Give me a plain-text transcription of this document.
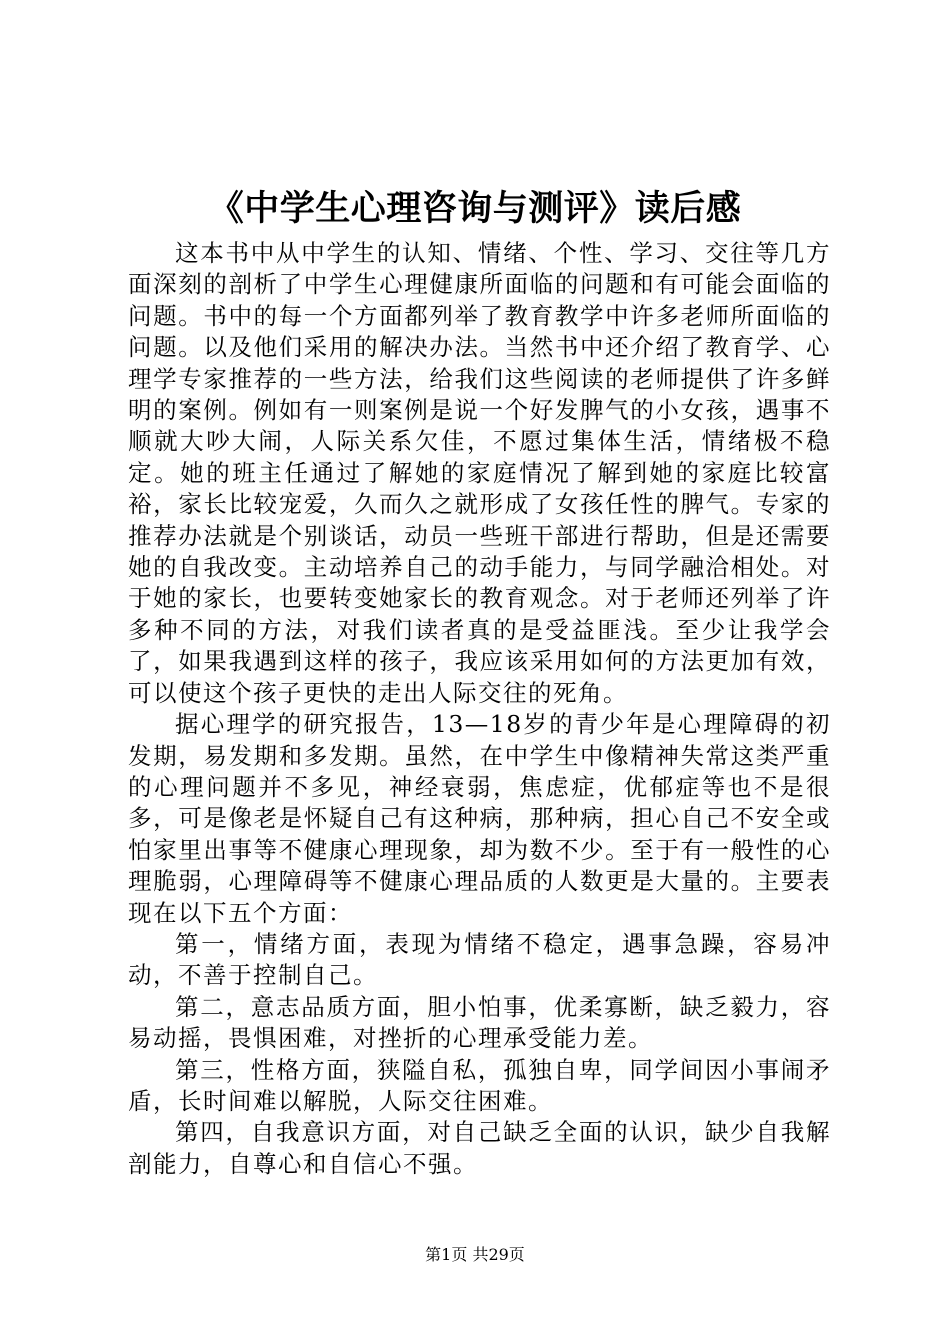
《中学生心理咨询与测评》读后感

这本书中从中学生的认知、情绪、个性、学习、交往等几方面深刻的剖析了中学生心理健康所面临的问题和有可能会面临的问题。书中的每一个方面都列举了教育教学中许多老师所面临的问题。以及他们采用的解决办法。当然书中还介绍了教育学、心理学专家推荐的一些方法，给我们这些阅读的老师提供了许多鲜明的案例。例如有一则案例是说一个好发脾气的小女孩，遇事不顺就大吵大闹，人际关系欠佳，不愿过集体生活，情绪极不稳定。她的班主任通过了解她的家庭情况了解到她的家庭比较富裕，家长比较宠爱，久而久之就形成了女孩任性的脾气。专家的推荐办法就是个别谈话，动员一些班干部进行帮助，但是还需要她的自我改变。主动培养自己的动手能力，与同学融洽相处。对于她的家长，也要转变她家长的教育观念。对于老师还列举了许多种不同的方法，对我们读者真的是受益匪浅。至少让我学会了，如果我遇到这样的孩子，我应该采用如何的方法更加有效，可以使这个孩子更快的走出人际交往的死角。

据心理学的研究报告，13—18岁的青少年是心理障碍的初发期，易发期和多发期。虽然，在中学生中像精神失常这类严重的心理问题并不多见，神经衰弱，焦虑症，优郁症等也不是很多，可是像老是怀疑自己有这种病，那种病，担心自己不安全或怕家里出事等不健康心理现象，却为数不少。至于有一般性的心理脆弱，心理障碍等不健康心理品质的人数更是大量的。主要表现在以下五个方面：

第一，情绪方面，表现为情绪不稳定，遇事急躁，容易冲动，不善于控制自己。

第二，意志品质方面，胆小怕事，优柔寡断，缺乏毅力，容易动摇，畏惧困难，对挫折的心理承受能力差。

第三，性格方面，狭隘自私，孤独自卑，同学间因小事闹矛盾，长时间难以解脱，人际交往困难。

第四，自我意识方面，对自己缺乏全面的认识，缺少自我解剖能力，自尊心和自信心不强。

第1页 共29页
